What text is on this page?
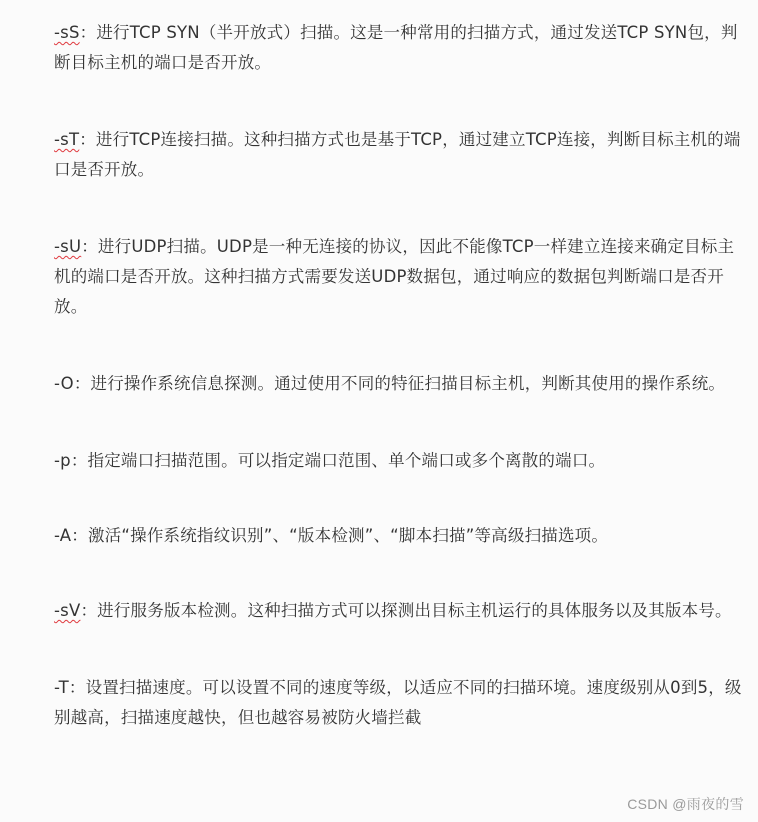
-sS：进行TCP SYN（半开放式）扫描。这是一种常用的扫描方式，通过发送TCP SYN包，判断目标主机的端口是否开放。

-sT：进行TCP连接扫描。这种扫描方式也是基于TCP，通过建立TCP连接，判断目标主机的端口是否开放。

-sU：进行UDP扫描。UDP是一种无连接的协议，因此不能像TCP一样建立连接来确定目标主机的端口是否开放。这种扫描方式需要发送UDP数据包，通过响应的数据包判断端口是否开放。

-O：进行操作系统信息探测。通过使用不同的特征扫描目标主机，判断其使用的操作系统。

-p：指定端口扫描范围。可以指定端口范围、单个端口或多个离散的端口。

-A：激活“操作系统指纹识别”、“版本检测”、“脚本扫描”等高级扫描选项。

-sV：进行服务版本检测。这种扫描方式可以探测出目标主机运行的具体服务以及其版本号。

-T：设置扫描速度。可以设置不同的速度等级，以适应不同的扫描环境。速度级别从0到5，级别越高，扫描速度越快，但也越容易被防火墙拦截

CSDN @雨夜的雪
